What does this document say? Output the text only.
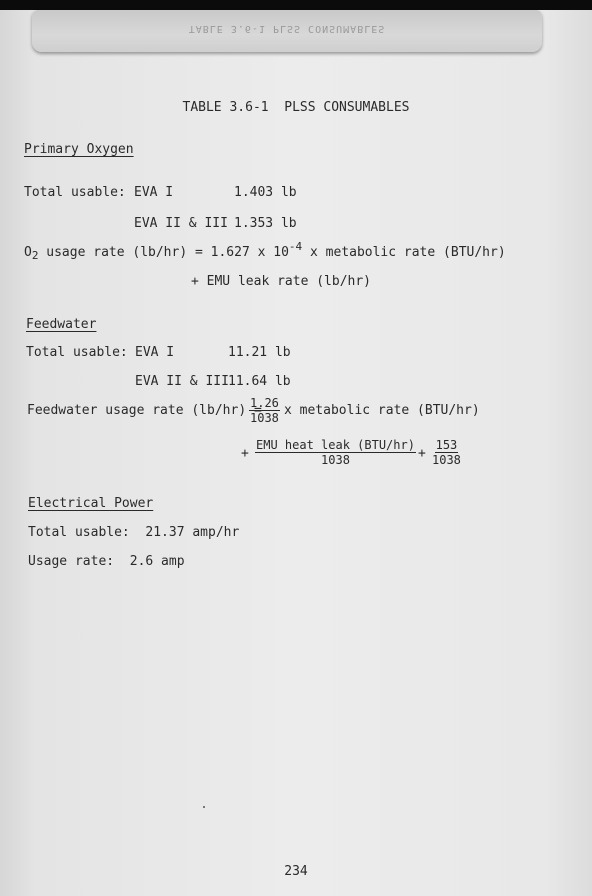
TABLE 3.6-1 PLSS CONSUMABLES
TABLE 3.6-1  PLSS CONSUMABLES
Primary Oxygen
Total usable: EVA I	1.403 lb
EVA II & III 1.353 lb
$O_2$ usage rate (lb/hr) = 1.627 x $10^{-4}$ x metabolic rate (BTU/hr)
+ EMU leak rate (lb/hr)
Feedwater
Total usable: EVA I	11.21 lb
EVA II & III 11.64 lb
Feedwater usage rate (lb/hr) =
$\frac{1.26}{1038}$ x metabolic rate (BTU/hr)
+
EMU heat leak (BTU/hr)
1038	+ $\frac{153}{1038}$
Electrical Power
Total usable:  21.37 amp/hr
Usage rate:  2.6 amp
234
